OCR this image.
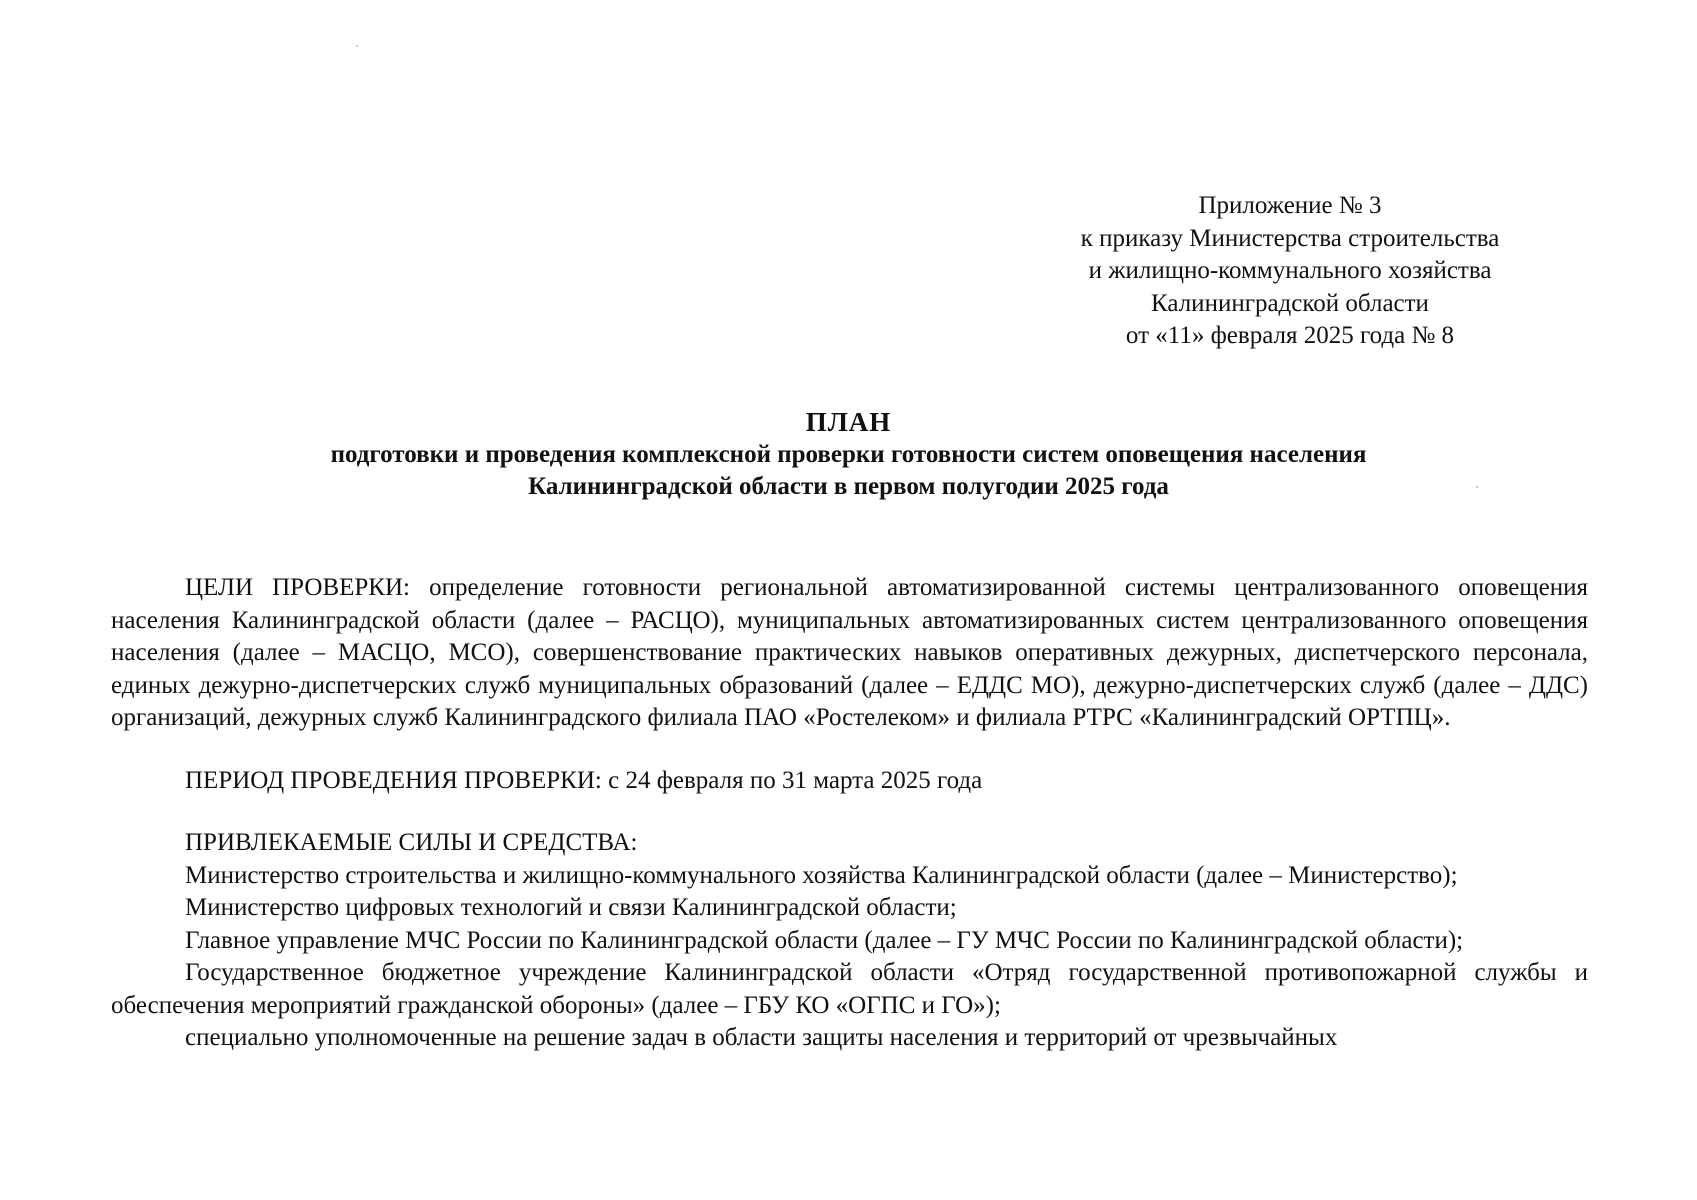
Приложение № 3
к приказу Министерства строительства
и жилищно-коммунального хозяйства
Калининградской области
от «11» февраля 2025 года № 8
ПЛАН
подготовки и проведения комплексной проверки готовности систем оповещения населения
Калининградской области в первом полугодии 2025 года

ЦЕЛИ ПРОВЕРКИ: определение готовности региональной автоматизированной системы централизованного оповещения населения Калининградской области (далее – РАСЦО), муниципальных автоматизированных систем централизованного оповещения населения (далее – МАСЦО, МСО), совершенствование практических навыков оперативных дежурных, диспетчерского персонала, единых дежурно-диспетчерских служб муниципальных образований (далее – ЕДДС МО), дежурно-диспетчерских служб (далее – ДДС) организаций, дежурных служб Калининградского филиала ПАО «Ростелеком» и филиала РТРС «Калининградский ОРТПЦ».

ПЕРИОД ПРОВЕДЕНИЯ ПРОВЕРКИ: с 24 февраля по 31 марта 2025 года

ПРИВЛЕКАЕМЫЕ СИЛЫ И СРЕДСТВА:

Министерство строительства и жилищно-коммунального хозяйства Калининградской области (далее – Министерство);

Министерство цифровых технологий и связи Калининградской области;

Главное управление МЧС России по Калининградской области (далее – ГУ МЧС России по Калининградской области);

Государственное бюджетное учреждение Калининградской области «Отряд государственной противопожарной службы и обеспечения мероприятий гражданской обороны» (далее – ГБУ КО «ОГПС и ГО»);

специально уполномоченные на решение задач в области защиты населения и территорий от чрезвычайных
